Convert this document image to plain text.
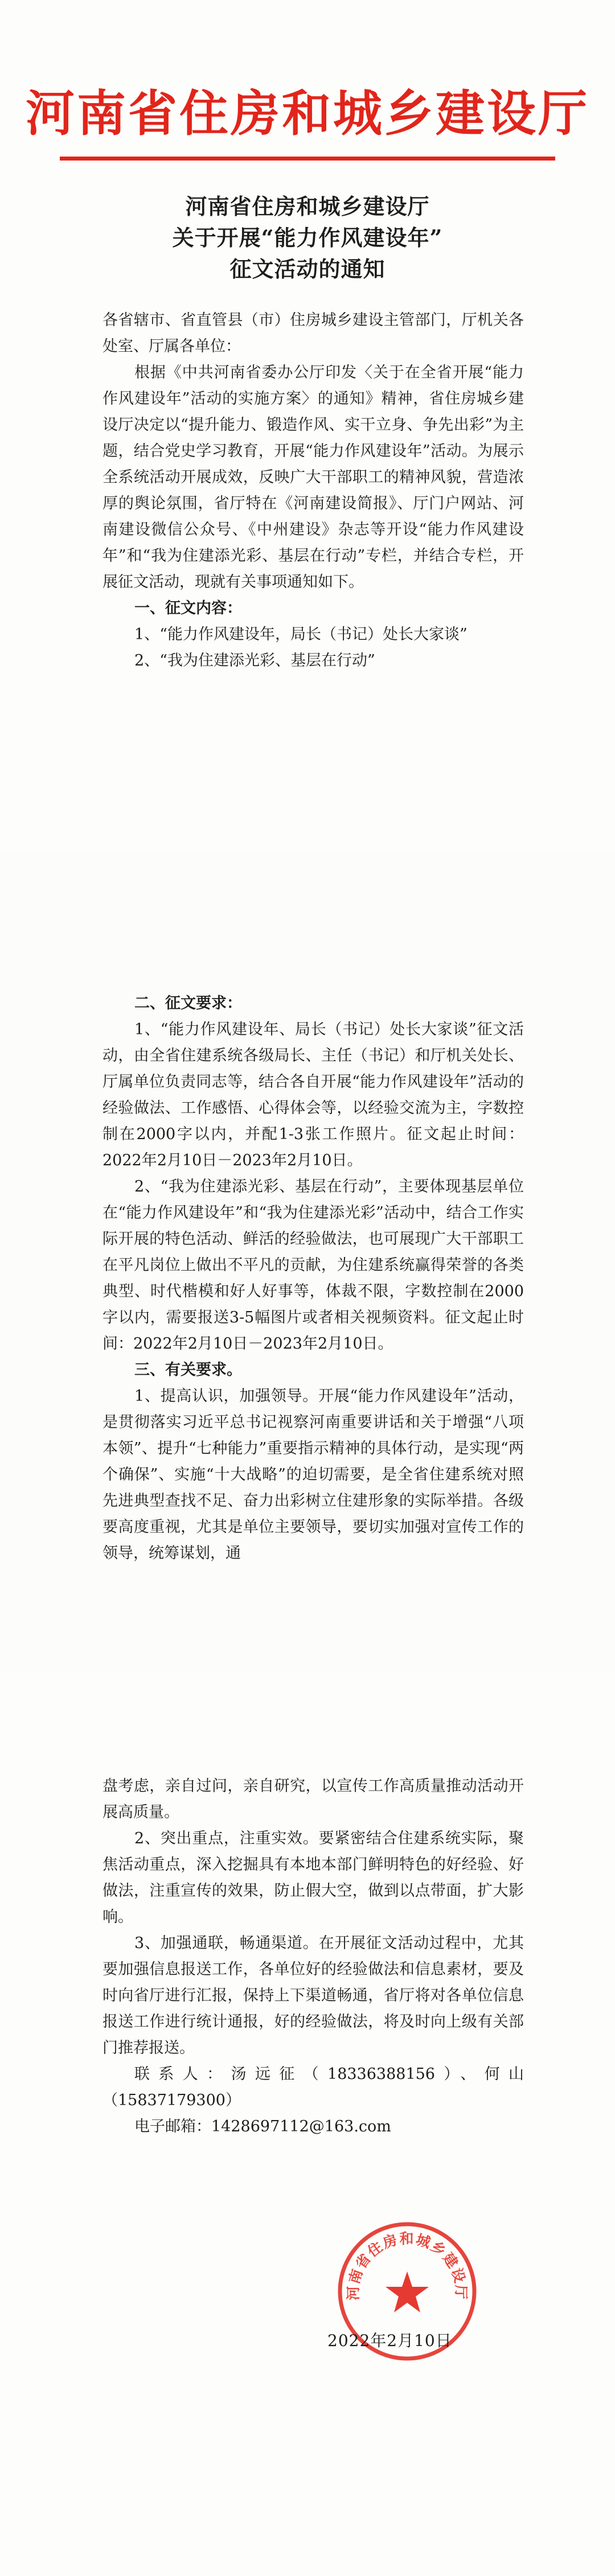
河南省住房和城乡建设厅
河南省住房和城乡建设厅
关于开展“能力作风建设年”
征文活动的通知

各省辖市、省直管县（市）住房城乡建设主管部门，厅机关各处室、厅属各单位：

根据《中共河南省委办公厅印发〈关于在全省开展“能力作风建设年”活动的实施方案〉的通知》精神，省住房城乡建设厅决定以“提升能力、锻造作风、实干立身、争先出彩”为主题，结合党史学习教育，开展“能力作风建设年”活动。为展示全系统活动开展成效，反映广大干部职工的精神风貌，营造浓厚的舆论氛围，省厅特在《河南建设简报》、厅门户网站、河南建设微信公众号、《中州建设》杂志等开设“能力作风建设年”和“我为住建添光彩、基层在行动”专栏，并结合专栏，开展征文活动，现就有关事项通知如下。

一、征文内容：

1、“能力作风建设年，局长（书记）处长大家谈”

2、“我为住建添光彩、基层在行动”

二、征文要求：

1、“能力作风建设年、局长（书记）处长大家谈”征文活动，由全省住建系统各级局长、主任（书记）和厅机关处长、厅属单位负责同志等，结合各自开展“能力作风建设年”活动的经验做法、工作感悟、心得体会等，以经验交流为主，字数控制在2000字以内，并配1-3张工作照片。征文起止时间：2022年2月10日－2023年2月10日。

2、“我为住建添光彩、基层在行动”，主要体现基层单位在“能力作风建设年”和“我为住建添光彩”活动中，结合工作实际开展的特色活动、鲜活的经验做法，也可展现广大干部职工在平凡岗位上做出不平凡的贡献，为住建系统赢得荣誉的各类典型、时代楷模和好人好事等，体裁不限，字数控制在2000字以内，需要报送3-5幅图片或者相关视频资料。征文起止时间：2022年2月10日－2023年2月10日。

三、有关要求。

1、提高认识，加强领导。开展“能力作风建设年”活动，是贯彻落实习近平总书记视察河南重要讲话和关于增强“八项本领”、提升“七种能力”重要指示精神的具体行动，是实现“两个确保”、实施“十大战略”的迫切需要，是全省住建系统对照先进典型查找不足、奋力出彩树立住建形象的实际举措。各级要高度重视，尤其是单位主要领导，要切实加强对宣传工作的领导，统筹谋划，通

盘考虑，亲自过问，亲自研究，以宣传工作高质量推动活动开展高质量。

2、突出重点，注重实效。要紧密结合住建系统实际，聚焦活动重点，深入挖掘具有本地本部门鲜明特色的好经验、好做法，注重宣传的效果，防止假大空，做到以点带面，扩大影响。

3、加强通联，畅通渠道。在开展征文活动过程中，尤其要加强信息报送工作，各单位好的经验做法和信息素材，要及时向省厅进行汇报，保持上下渠道畅通，省厅将对各单位信息报送工作进行统计通报，好的经验做法，将及时向上级有关部门推荐报送。

联系人：汤远征（18336388156）、何山（15837179300）

电子邮箱：1428697112@163.com

河南省住房和城乡建设厅
2022年2月10日
